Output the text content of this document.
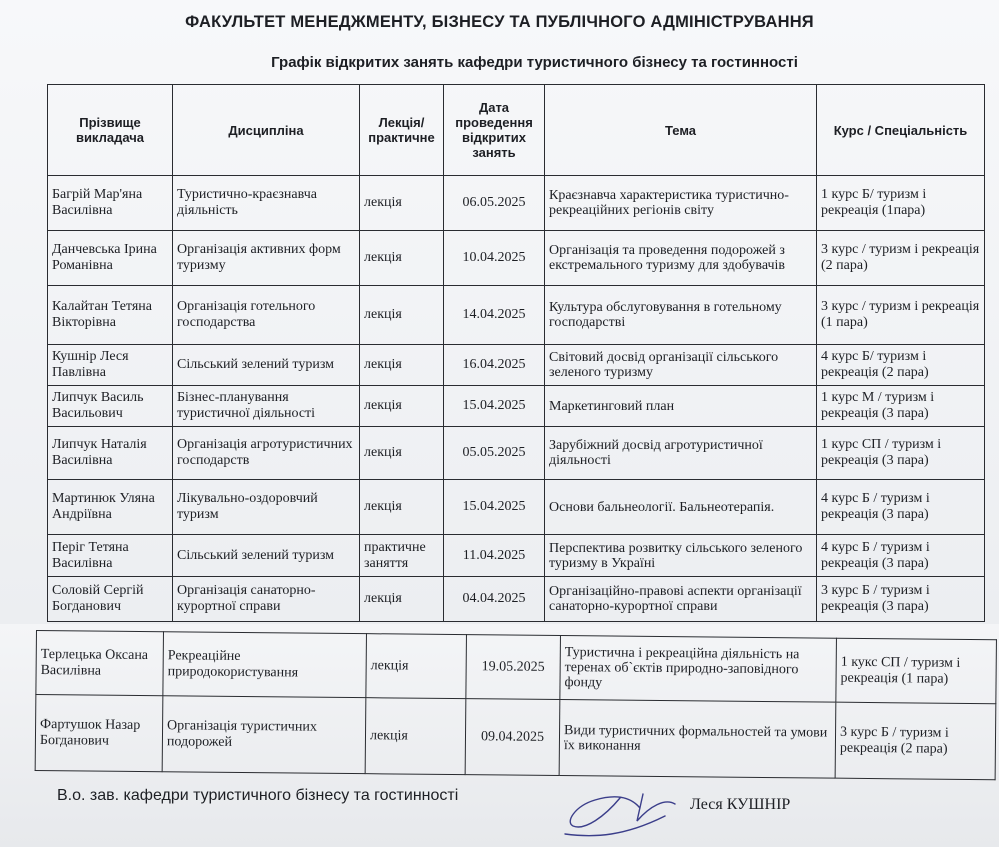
ФАКУЛЬТЕТ МЕНЕДЖМЕНТУ, БІЗНЕСУ ТА ПУБЛІЧНОГО АДМІНІСТРУВАННЯ
Графік відкритих занять кафедри туристичного бізнесу та гостинності
Прізвище викладача	Дисципліна	Лекція/ практичне	Дата проведення відкритих занять	Тема	Курс / Спеціальність
Багрій Мар'яна Василівна	Туристично-краєзнавча діяльність	лекція	06.05.2025	Краєзнавча характеристика туристично-рекреаційних регіонів світу	1 курс Б/ туризм і рекреація (1пара)
Данчевська Ірина Романівна	Організація активних форм туризму	лекція	10.04.2025	Організація та проведення подорожей з екстремального туризму для здобувачів	3 курс / туризм і рекреація (2 пара)
Калайтан Тетяна Вікторівна	Організація готельного господарства	лекція	14.04.2025	Культура обслуговування в готельному господарстві	3 курс / туризм і рекреація (1 пара)
Кушнір Леся Павлівна	Сільський зелений туризм	лекція	16.04.2025	Світовий досвід організації сільського зеленого туризму	4 курс Б/ туризм і рекреація (2 пара)
Липчук Василь Васильович	Бізнес-планування туристичної діяльності	лекція	15.04.2025	Маркетинговий план	1 курс М / туризм і рекреація (3 пара)
Липчук Наталія Василівна	Організація агротуристичних господарств	лекція	05.05.2025	Зарубіжний досвід агротуристичної діяльності	1 курс СП / туризм і рекреація (3 пара)
Мартинюк Уляна Андріївна	Лікувально-оздоровчий туризм	лекція	15.04.2025	Основи бальнеології. Бальнеотерапія.	4 курс Б / туризм і рекреація (3 пара)
Періг Тетяна Василівна	Сільський зелений туризм	практичне заняття	11.04.2025	Перспектива розвитку сільського зеленого туризму в Україні	4 курс Б / туризм і рекреація (3 пара)
Соловій Сергій Богданович	Організація санаторно-курортної справи	лекція	04.04.2025	Організаційно-правові аспекти організації санаторно-курортної справи	3 курс Б / туризм і рекреація (3 пара)
Терлецька Оксана Василівна	Рекреаційне природокористування	лекція	19.05.2025	Туристична і рекреаційна діяльність на теренах об`єктів природно-заповідного фонду	1 кукс СП / туризм і рекреація (1 пара)
Фартушок Назар Богданович	Організація туристичних подорожей	лекція	09.04.2025	Види туристичних формальностей та умови їх виконання	3 курс Б / туризм і рекреація (2 пара)
В.о. зав. кафедри туристичного бізнесу та гостинності
Леся КУШНІР
